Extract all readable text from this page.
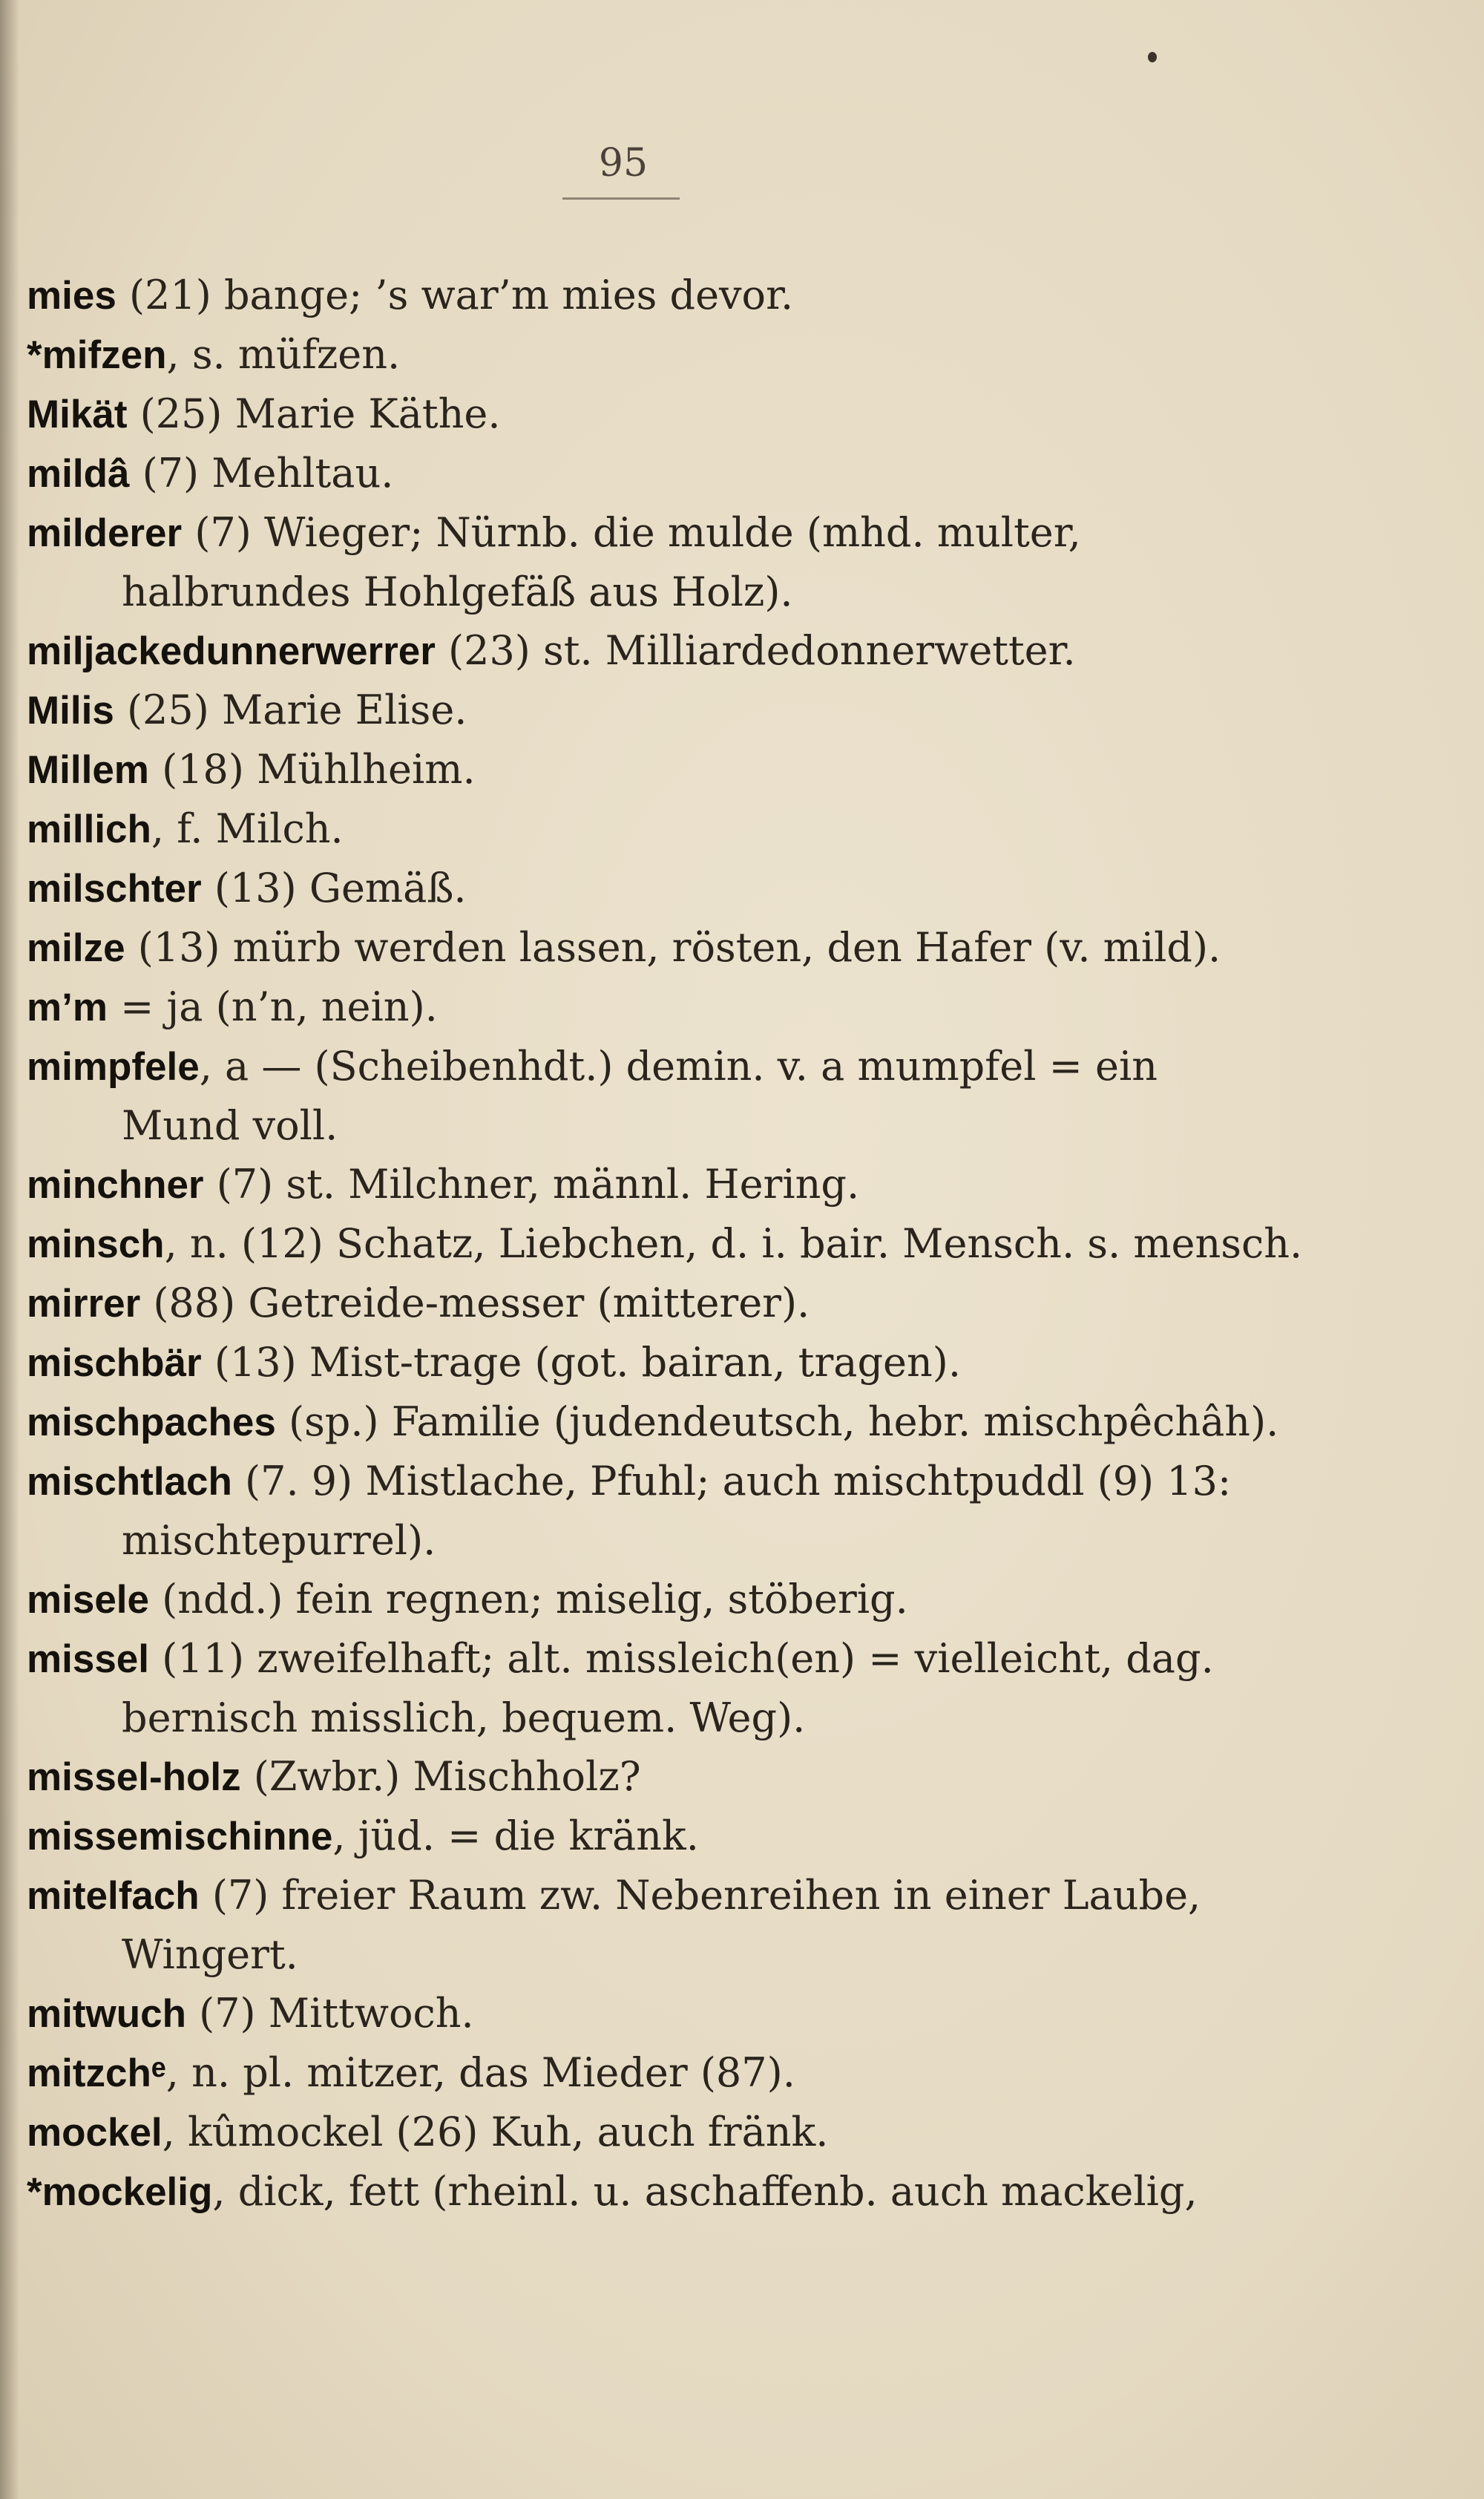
95

mies (21) bange; ’s war’m mies devor.

*mifzen, s. müfzen.

Mikät (25) Marie Käthe.

mildâ (7) Mehltau.

milderer (7) Wieger; Nürnb. die mulde (mhd. multer,

halbrundes Hohlgefäß aus Holz).

miljackedunnerwerrer (23) st. Milliardedonnerwetter.

Milis (25) Marie Elise.

Millem (18) Mühlheim.

millich, f. Milch.

milschter (13) Gemäß.

milze (13) mürb werden lassen, rösten, den Hafer (v. mild).

m’m = ja (n’n, nein).

mimpfele, a — (Scheibenhdt.) demin. v. a mumpfel = ein

Mund voll.

minchner (7) st. Milchner, männl. Hering.

minsch, n. (12) Schatz, Liebchen, d. i. bair. Mensch. s. mensch.

mirrer (88) Getreide-messer (mitterer).

mischbär (13) Mist-trage (got. bairan, tragen).

mischpaches (sp.) Familie (judendeutsch, hebr. mischpêchâh).

mischtlach (7. 9) Mistlache, Pfuhl; auch mischtpuddl (9) 13:

mischtepurrel).

misele (ndd.) fein regnen; miselig, stöberig.

missel (11) zweifelhaft; alt. missleich(en) = vielleicht, dag.

bernisch misslich, bequem. Weg).

missel-holz (Zwbr.) Mischholz?

missemischinne, jüd. = die kränk.

mitelfach (7) freier Raum zw. Nebenreihen in einer Laube,

Wingert.

mitwuch (7) Mittwoch.

mitzchᵉ, n. pl. mitzer, das Mieder (87).

mockel, kûmockel (26) Kuh, auch fränk.

*mockelig, dick, fett (rheinl. u. aschaffenb. auch mackelig,
